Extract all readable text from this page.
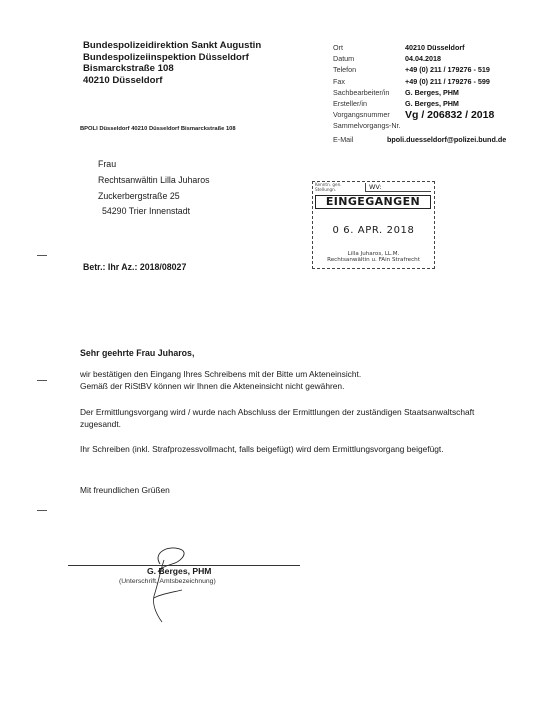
Bundespolizeidirektion Sankt Augustin
Bundespolizeiinspektion Düsseldorf
Bismarckstraße 108
40210 Düsseldorf
BPOLI Düsseldorf 40210 Düsseldorf Bismarckstraße 108
Ort	40210 Düsseldorf
Datum	04.04.2018
Telefon	+49 (0) 211 / 179276 - 519
Fax	+49 (0) 211 / 179276 - 599
Sachbearbeiter/in G. Berges, PHM
Ersteller/in	G. Berges, PHM
Vorgangsnummer Vg / 206832 / 2018
Sammelvorgangs-Nr.
E-Mail	bpoli.duesseldorf@polizei.bund.de
Frau
Rechtsanwältin Lilla Juharos
Zuckerbergstraße 25
54290 Trier Innenstadt
Kenntn. gen.
Stellungn.	WV:
EINGEGANGEN
0 6. APR. 2018
Lilla Juharos, LL.M.
Rechtsanwältin u. FAin Strafrecht
Betr.: Ihr Az.: 2018/08027
Sehr geehrte Frau Juharos,
wir bestätigen den Eingang Ihres Schreibens mit der Bitte um Akteneinsicht.
Gemäß der RiStBV können wir Ihnen die Akteneinsicht nicht gewähren.
Der Ermittlungsvorgang wird / wurde nach Abschluss der Ermittlungen der zuständigen Staatsanwaltschaft
zugesandt.
Ihr Schreiben (inkl. Strafprozessvollmacht, falls beigefügt) wird dem Ermittlungsvorgang beigefügt.
Mit freundlichen Grüßen
G. Berges, PHM
(Unterschrift, Amtsbezeichnung)
